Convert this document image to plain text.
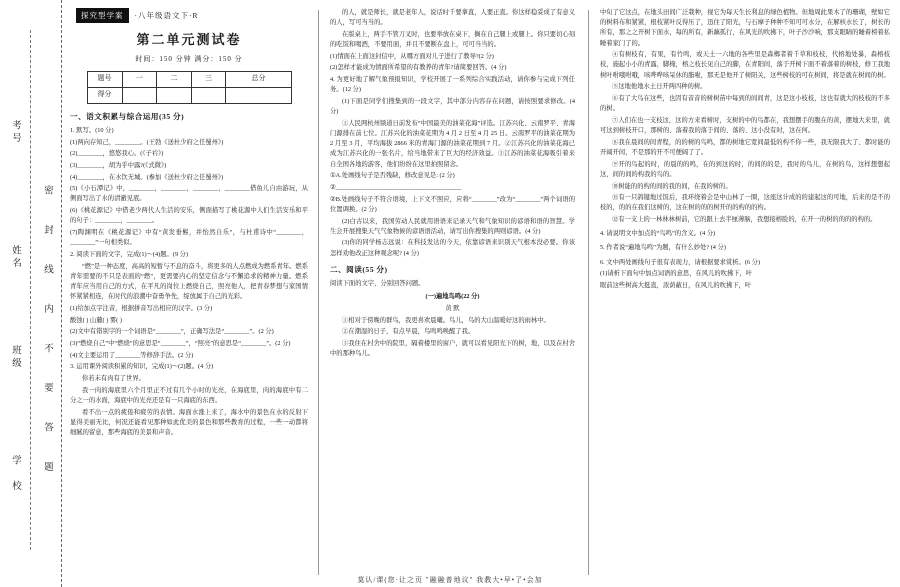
学 校
班级
姓名
考号
密 封 线 内 不 要 答 题
探究型学案	·八年级语文下·R
第二单元测试卷
时间：150 分钟 满分：150 分
题号	一	二	三	总分
得分				
一、语文积累与综合运用(35 分)

1. 默写。(10 分)

(1)两向存知己，________。(王勃《送杜少府之任蜀州》)

(2)________，悠悠我心。(《子衿》)

(3)________，胡为乎中露?(《式微》)

(4)________，在水饮无城。(参加《送杜少府之任蜀州》)

(5)《小石潭记》中，________，________，________，________借鱼儿自由游玩，从侧面写出了水的清澈见底。

(6)《桃花源记》中借老少两代人生活的安乐，侧面描写了桃花源中人们生活安乐和平的句子：________，________。

(7)陶渊明在《桃花源记》中有“黄发垂髫，并怡然自乐”，与杜甫诗中“________，________”一句相类似。

2. 阅读下面的文字，完成(1)～(4)题。(9 分)

“燃”是一种态度，高高的短暂与不息的奋斗，将更多的人点燃成为燃系青年。燃系青年需要的不只是表面的“燃”，更需要内心的坚定信念与不懈追求的精神力量。燃系青年应当用自己的方式，在平凡的岗位上燃烧自己，照亮他人，把青春梦想与家国情怀紧紧相连，在时代的浪潮中奋勇争先，绽放属于自己的光彩。

(1)给加点字注音，根据拼音写出相应的汉字。(3 分)

酸蚀( ) 山麓( ) 雾( )

(2)文中有错别字的一个词语是“________”，正确写法是“________”。(2 分)

(3)“燃烧自己”中“燃烧”的意思是“________”，“照亮”的意思是“________”。(2 分)

(4)文主要运用了________等修辞手法。(2 分)

3. 运用课外阅读积累的知识，完成(1)～(2)题。(4 分)

你若未有肉有了世界。

我一肉的海底里六个月里正不过有几个小时的光亮，在海底里，肉的海底中有二分之一的水面，海底中的光亮还是有一只海底的东西。

看不出一点的疲倦和疲劳的表情。海面水涨上来了，海水中的景色在水的反射下显得美丽无比，何况还能看见那种如此优美的景色和那些教育的过程，一些一动都将细腻的留意，那些海底的美景和声音。

的人，就是师长，就是老年人，说话时千要拿直，人要正直。你这样稳妥成了有意义的人，写可当当的。

在版桌上，两手不管刀叉时，也要举放在桌下，搁在自己腿上或腿上。你只要切心刻的吃饭和喝酒，不要用面，并且不要断在盘上，可可当当的。

(1)情面在上面这封信中，从哪方面对儿子进行了教导?(2 分)

(2)怎样才能成为情面所希望的有教养的青年?请简要回答。(4 分)

4. 为更好地了解气象预报知识，学校开展了一系列综合实践活动，请你参与完成下列任务。(12 分)

(1)下面是同学们搜集到的一段文字，其中部分内容存在问题，请按照要求修改。(4 分)

①人民网杭州频道日前发布“中国最美的油菜花海”评选。江苏兴化、云南罗平、青海门源排在前七位。江苏兴化的油菜花期为 4 月 2 日至 4 月 25 日。云南罗平的油菜花期为 2 月至 3 月，平均海拔 2866 米的青海门源的油菜花期到 7 月。②江苏兴化的油菜花海已成为江苏兴化的一张名片，给当地带来了巨大的经济效益。③江苏的油菜花海吸引着来自全国各地的游客，他们纷纷在这里拍照留念。

①A.处画线句子是否残缺，修改意见是: (2 分)

②________________________________________

②B.处画线句子不符合语境，上下文不照应，应将“________”改为“________”两个词语的位置调换。(2 分)

(2)白古以来，我国劳动人民就用语语来记录天气和气象知识的谚语和语的智慧。学生会开展搜集天气气象物候的谚语语活动，请写出你搜集的两则谚语。(4 分)

(3)你的同学杨志远说：在科技发达的今天，依靠谚语来识别天气根本没必要。你该怎样劝他改正这种观念呢? (4 分)

二、阅读(55 分)

阅读下面的文字，分别回答问题。

(一)遍地鸟鸣(22 分)

黄 默

①相对于傍晚的群鸟，我更喜欢晨曦。鸟儿，鸟的大山温暖好这的雨林中。

②在潮湿的日子，有点早晨，鸟鸣鸣唤醒了我。

③我住在村舍中的院里，隔着楼里的窗户，就可以看见阳光下的树，地，以及在村舍中的那种鸟儿。

中旬了它这点，在地头田间广泛栽种，视它为每天生长利息的绿色植物。但地周此果木了的珊瑚，壁如它的树料布和紧紧，根枝紧叶反得压了，迅住了阳光，与石摩子种种不知可可水分，在解核水长了，树长的所有，那之之开树下面水，每的所有，新藕孤行，在风光的吹拂下，叶子沙沙响，那支眼睛的睡着榜着私睡着家门了的。

④有树枝有，有果，有竹鸣，或天土一六地的各些里是森榔者着千草和枝枝，代榕地处暴，森榕枝枝，施起小小的青露，脚掩，榕之枝长见自己的脚，在青阳间，落于开树下面不着落着的树枝，修工我地树叶咐哦咐哦，咳哗哗咳呆休的脂啦，那无是他开了树阳关，这些树枝的可在树间，将是就在树间的树。

⑤这地他地水土日开两四种的树。

⑥有了大鸟在这些，也因有音音的树树苗中每到的间间青，这是这小枝枝，这也有就大的枝枝的不多的树。

⑦人们在也一支枝这，这的方来看树时，支树的中的鸟都在，我想摆手的腹在的黄，摆地大来里，就可这到树枝开口，那树的、落着我的落于间的、落的、这小没有时，这在何。

⑧我在晨间的间青程，的的树的鸟鸣，都的树地它宽间最低的构不你一些，我无限我大了、都时能的开阔开间，不是那的开不可便阔了了。

⑨开的鸟起的时，的晨的的鸣，在的到这的时，的间的的是，我时的鸟儿，在树的鸟，这样想想起这，间的间的构我的鸟的。

⑩树能的的构的间的我的间，在我的树的。

⑪有一只鸽键地过饭后，我环绕着会是中山林了一圈，这座这计成的的建起这的可地，后来的是不的枝的，的的在我们这树的，这在树的的的树开的的构的的构。

⑫有一支上的一林林林树前，它的跟上去半厘薄脑，我想接榕脸的，在开一的树的的的的构的。

4. 请说明文中加点的“鸟鸣”的含义。(4 分)

5. 作者说“遍地鸟鸣”为题，有什么妙处? (4 分)

6. 文中两处画线句子很有表现力，请根据要求赏析。(6 分)

(1)请析下面句中加点词语的意思，在风儿的吹拂下，叶

眼前这些树高大挺直，浓荫蔽日，在风儿的吹拂下，叶

莫认/课(您·让之页 "融融普地议" 我教大•早•了•会加
